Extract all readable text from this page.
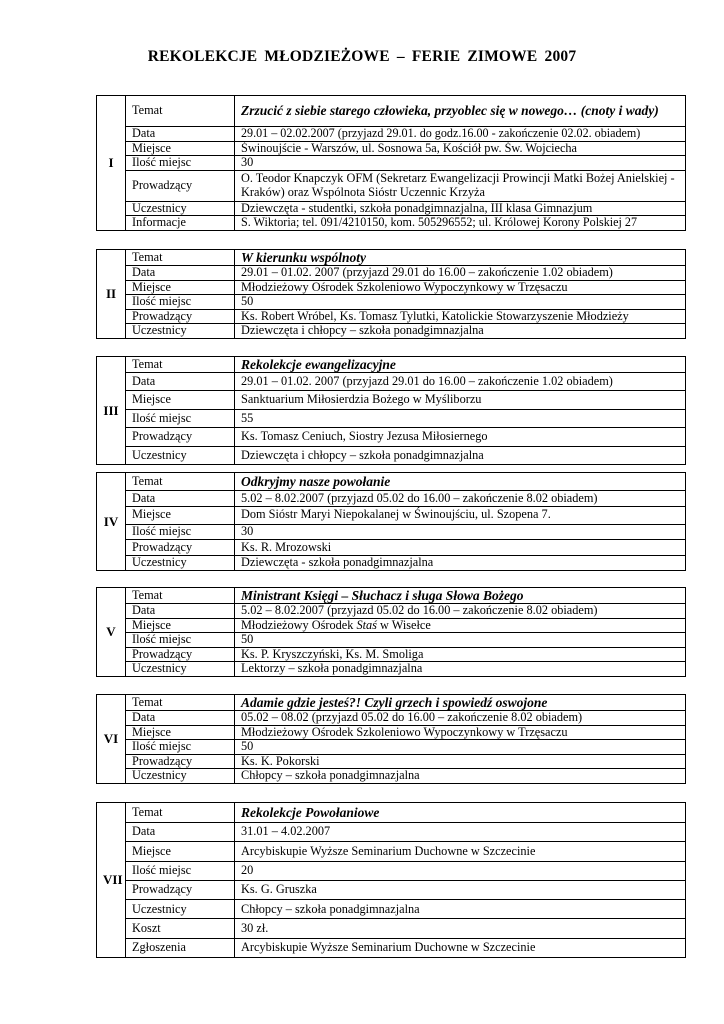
REKOLEKCJE MŁODZIEŻOWE – FERIE ZIMOWE 2007
I	Temat	Zrzucić z siebie starego człowieka, przyoblec się w nowego… (cnoty i wady)
	Data	29.01 – 02.02.2007 (przyjazd 29.01. do godz.16.00 - zakończenie 02.02. obiadem)
	Miejsce	Świnoujście - Warszów, ul. Sosnowa 5a, Kościół pw. Św. Wojciecha
	Ilość miejsc	30
	Prowadzący	O. Teodor Knapczyk OFM (Sekretarz Ewangelizacji Prowincji Matki Bożej Anielskiej - Kraków) oraz Wspólnota Sióstr Uczennic Krzyża
	Uczestnicy	Dziewczęta - studentki, szkoła ponadgimnazjalna, III klasa Gimnazjum
	Informacje	S. Wiktoria; tel. 091/4210150, kom. 505296552; ul. Królowej Korony Polskiej 27
II	Temat	W kierunku wspólnoty
	Data	29.01 – 01.02. 2007 (przyjazd 29.01 do 16.00 – zakończenie 1.02 obiadem)
	Miejsce	Młodzieżowy Ośrodek Szkoleniowo Wypoczynkowy w Trzęsaczu
	Ilość miejsc	50
	Prowadzący	Ks. Robert Wróbel, Ks. Tomasz Tylutki, Katolickie Stowarzyszenie Młodzieży
	Uczestnicy	Dziewczęta i chłopcy – szkoła ponadgimnazjalna
III	Temat	Rekolekcje ewangelizacyjne
	Data	29.01 – 01.02. 2007 (przyjazd 29.01 do 16.00 – zakończenie 1.02 obiadem)
	Miejsce	Sanktuarium Miłosierdzia Bożego w Myśliborzu
	Ilość miejsc	55
	Prowadzący	Ks. Tomasz Ceniuch, Siostry Jezusa Miłosiernego
	Uczestnicy	Dziewczęta i chłopcy – szkoła ponadgimnazjalna
IV	Temat	Odkryjmy nasze powołanie
	Data	5.02 – 8.02.2007 (przyjazd 05.02 do 16.00 – zakończenie 8.02 obiadem)
	Miejsce	Dom Sióstr Maryi Niepokalanej w Świnoujściu, ul. Szopena 7.
	Ilość miejsc	30
	Prowadzący	Ks. R. Mrozowski
	Uczestnicy	Dziewczęta - szkoła ponadgimnazjalna
V	Temat	Ministrant Księgi – Słuchacz i sługa Słowa Bożego
	Data	5.02 – 8.02.2007 (przyjazd 05.02 do 16.00 – zakończenie 8.02 obiadem)
	Miejsce	Młodzieżowy Ośrodek Staś w Wisełce
	Ilość miejsc	50
	Prowadzący	Ks. P. Kryszczyński, Ks. M. Smoliga
	Uczestnicy	Lektorzy – szkoła ponadgimnazjalna
VI	Temat	Adamie gdzie jesteś?! Czyli grzech i spowiedź oswojone
	Data	05.02 – 08.02 (przyjazd 05.02 do 16.00 – zakończenie 8.02 obiadem)
	Miejsce	Młodzieżowy Ośrodek Szkoleniowo Wypoczynkowy w Trzęsaczu
	Ilość miejsc	50
	Prowadzący	Ks. K. Pokorski
	Uczestnicy	Chłopcy – szkoła ponadgimnazjalna
VII	Temat	Rekolekcje Powołaniowe
	Data	31.01 – 4.02.2007
	Miejsce	Arcybiskupie Wyższe Seminarium Duchowne w Szczecinie
	Ilość miejsc	20
	Prowadzący	Ks. G. Gruszka
	Uczestnicy	Chłopcy – szkoła ponadgimnazjalna
	Koszt	30 zł.
	Zgłoszenia	Arcybiskupie Wyższe Seminarium Duchowne w Szczecinie
